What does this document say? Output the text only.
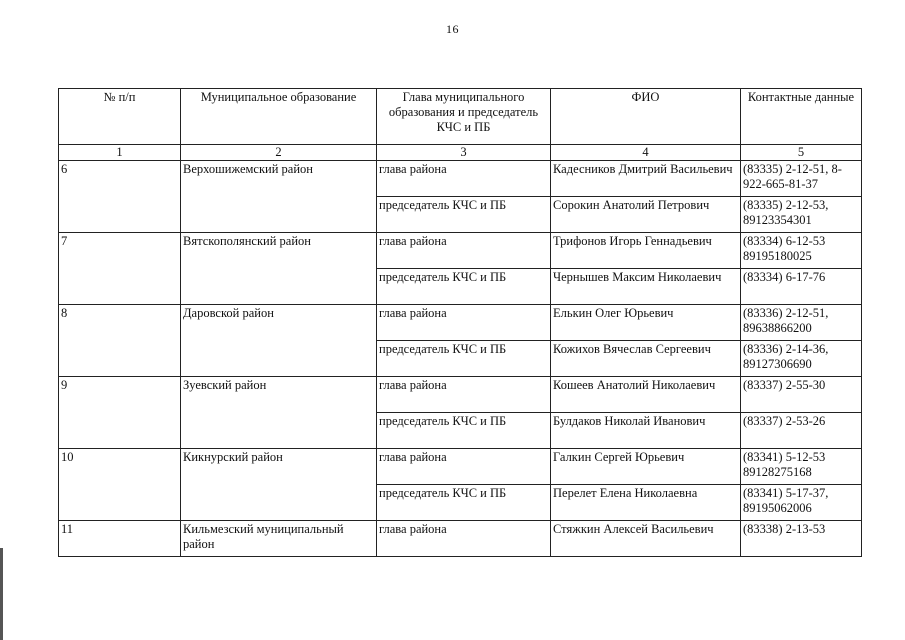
16
№ п/п	Муниципальное образование	Глава муниципального образования и председатель КЧС и ПБ	ФИО	Контактные данные
1	2	3	4	5
6	Верхошижемский район	глава района	Кадесников Дмитрий Васильевич	(83335) 2-12-51, 8-922-665-81-37
		председатель КЧС и ПБ	Сорокин Анатолий Петрович	(83335) 2-12-53, 89123354301
7	Вятскополянский район	глава района	Трифонов Игорь Геннадьевич	(83334) 6-12-53 89195180025
		председатель КЧС и ПБ	Чернышев Максим Николаевич	(83334) 6-17-76
8	Даровской район	глава района	Елькин Олег Юрьевич	(83336) 2-12-51, 89638866200
		председатель КЧС и ПБ	Кожихов Вячеслав Сергеевич	(83336) 2-14-36, 89127306690
9	Зуевский район	глава района	Кошеев Анатолий Николаевич	(83337) 2-55-30
		председатель КЧС и ПБ	Булдаков Николай Иванович	(83337) 2-53-26
10	Кикнурский район	глава района	Галкин Сергей Юрьевич	(83341) 5-12-53 89128275168
		председатель КЧС и ПБ	Перелет Елена Николаевна	(83341) 5-17-37, 89195062006
11	Кильмезский муниципальный район	глава района	Стяжкин Алексей Васильевич	(83338) 2-13-53
